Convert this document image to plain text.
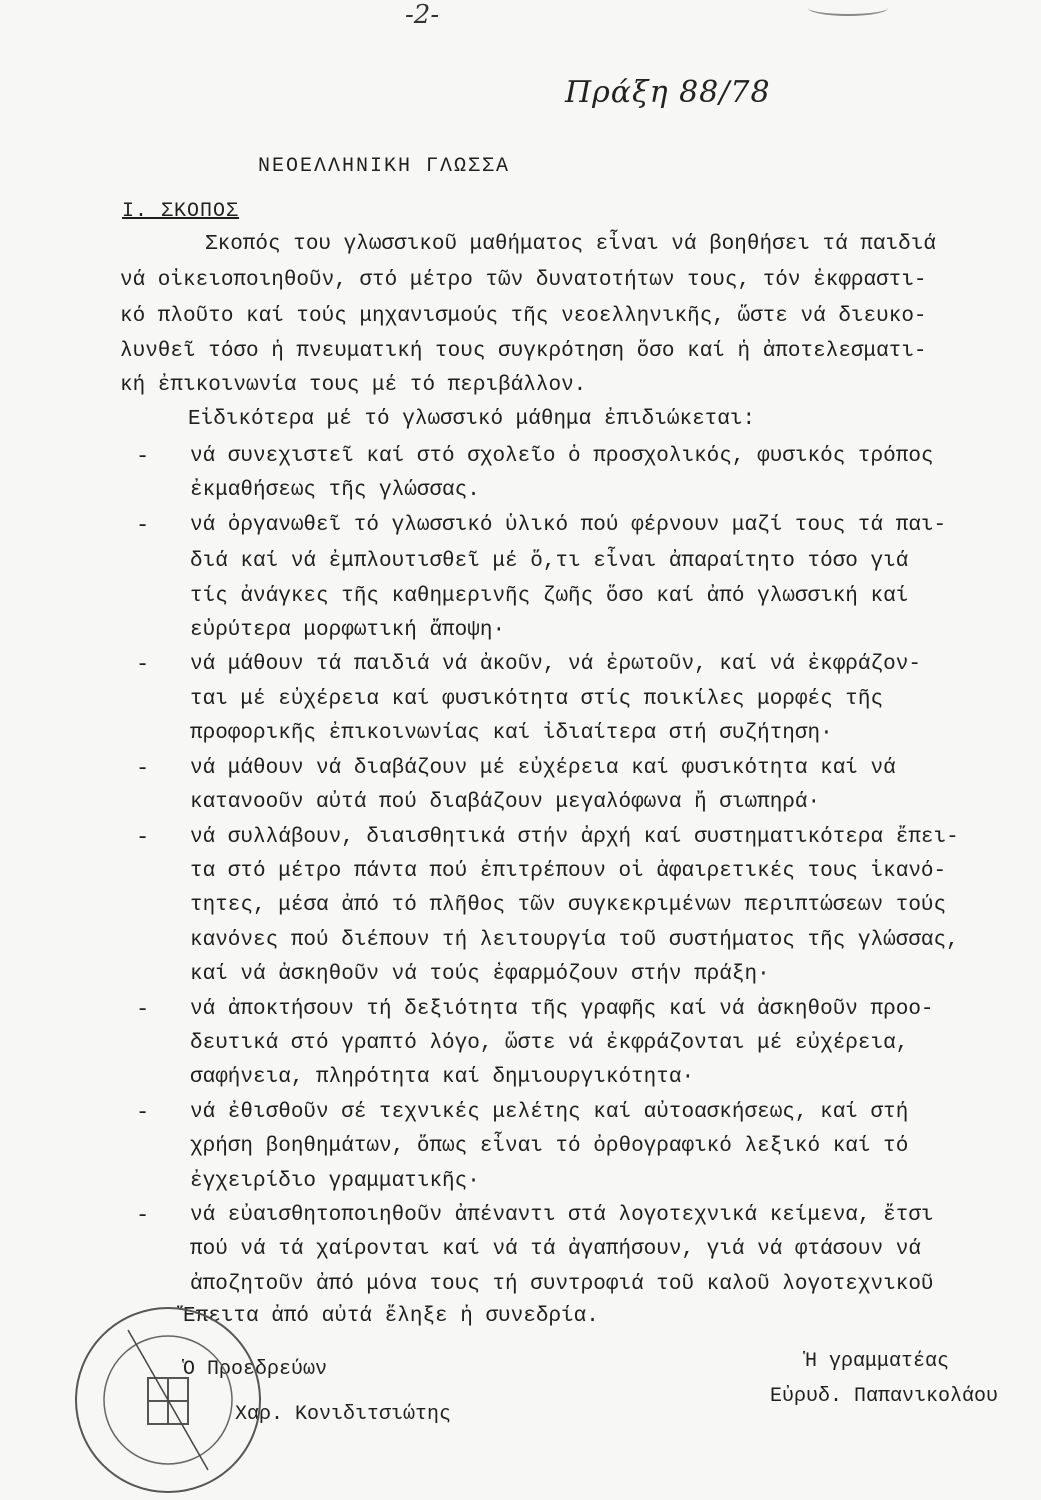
-2-
Πράξη 88/78
ΝΕΟΕΛΛΗΝΙΚΗ ΓΛΩΣΣΑ
Ι. ΣΚΟΠΟΣ
Σκοπός του γλωσσικοῦ μαθήματος εἶναι νά βοηθήσει τά παιδιά
νά οἰκειοποιηθοῦν, στό μέτρο τῶν δυνατοτήτων τους, τόν ἐκφραστι-
κό πλοῦτο καί τούς μηχανισμούς τῆς νεοελληνικῆς, ὥστε νά διευκο-
λυνθεῖ τόσο ἡ πνευματική τους συγκρότηση ὅσο καί ἡ ἀποτελεσματι-
κή ἐπικοινωνία τους μέ τό περιβάλλον.
Εἰδικότερα μέ τό γλωσσικό μάθημα ἐπιδιώκεται:
- νά συνεχιστεῖ καί στό σχολεῖο ὁ προσχολικός, φυσικός τρόπος
ἐκμαθήσεως τῆς γλώσσας.
- νά ὀργανωθεῖ τό γλωσσικό ὑλικό πού φέρνουν μαζί τους τά παι-
διά καί νά ἐμπλουτισθεῖ μέ ὅ,τι εἶναι ἀπαραίτητο τόσο γιά
τίς ἀνάγκες τῆς καθημερινῆς ζωῆς ὅσο καί ἀπό γλωσσική καί
εὐρύτερα μορφωτική ἄποψη·
- νά μάθουν τά παιδιά νά ἀκοῦν, νά ἐρωτοῦν, καί νά ἐκφράζον-
ται μέ εὐχέρεια καί φυσικότητα στίς ποικίλες μορφές τῆς
προφορικῆς ἐπικοινωνίας καί ἰδιαίτερα στή συζήτηση·
- νά μάθουν νά διαβάζουν μέ εὐχέρεια καί φυσικότητα καί νά
κατανοοῦν αὐτά πού διαβάζουν μεγαλόφωνα ἤ σιωπηρά·
- νά συλλάβουν, διαισθητικά στήν ἀρχή καί συστηματικότερα ἔπει-
τα στό μέτρο πάντα πού ἐπιτρέπουν οἱ ἀφαιρετικές τους ἱκανό-
τητες, μέσα ἀπό τό πλῆθος τῶν συγκεκριμένων περιπτώσεων τούς
κανόνες πού διέπουν τή λειτουργία τοῦ συστήματος τῆς γλώσσας,
καί νά ἀσκηθοῦν νά τούς ἐφαρμόζουν στήν πράξη·
- νά ἀποκτήσουν τή δεξιότητα τῆς γραφῆς καί νά ἀσκηθοῦν προο-
δευτικά στό γραπτό λόγο, ὥστε νά ἐκφράζονται μέ εὐχέρεια,
σαφήνεια, πληρότητα καί δημιουργικότητα·
- νά ἐθισθοῦν σέ τεχνικές μελέτης καί αὐτοασκήσεως, καί στή
χρήση βοηθημάτων, ὅπως εἶναι τό ὀρθογραφικό λεξικό καί τό
ἐγχειρίδιο γραμματικῆς·
- νά εὐαισθητοποιηθοῦν ἀπέναντι στά λογοτεχνικά κείμενα, ἔτσι
πού νά τά χαίρονται καί νά τά ἀγαπήσουν, γιά νά φτάσουν νά
ἀποζητοῦν ἀπό μόνα τους τή συντροφιά τοῦ καλοῦ λογοτεχνικοῦ
Ἔπειτα ἀπό αὐτά ἔληξε ἡ συνεδρία.
Ὁ Προεδρεύων
Χαρ. Κονιδιτσιώτης
Ἡ γραμματέας
Εὐρυδ. Παπανικολάου
